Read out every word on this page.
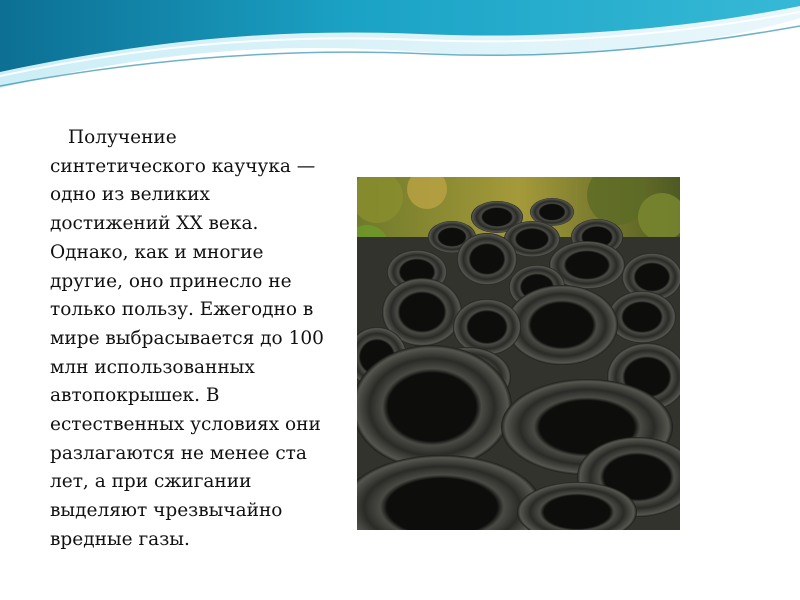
Получение
синтетического каучука —
одно из великих
достижений XX века.
Однако, как и многие
другие, оно принесло не
только пользу. Ежегодно в
мире выбрасывается до 100
млн использованных
автопокрышек. В
естественных условиях они
разлагаются не менее ста
лет, а при сжигании
выделяют чрезвычайно
вредные газы.
